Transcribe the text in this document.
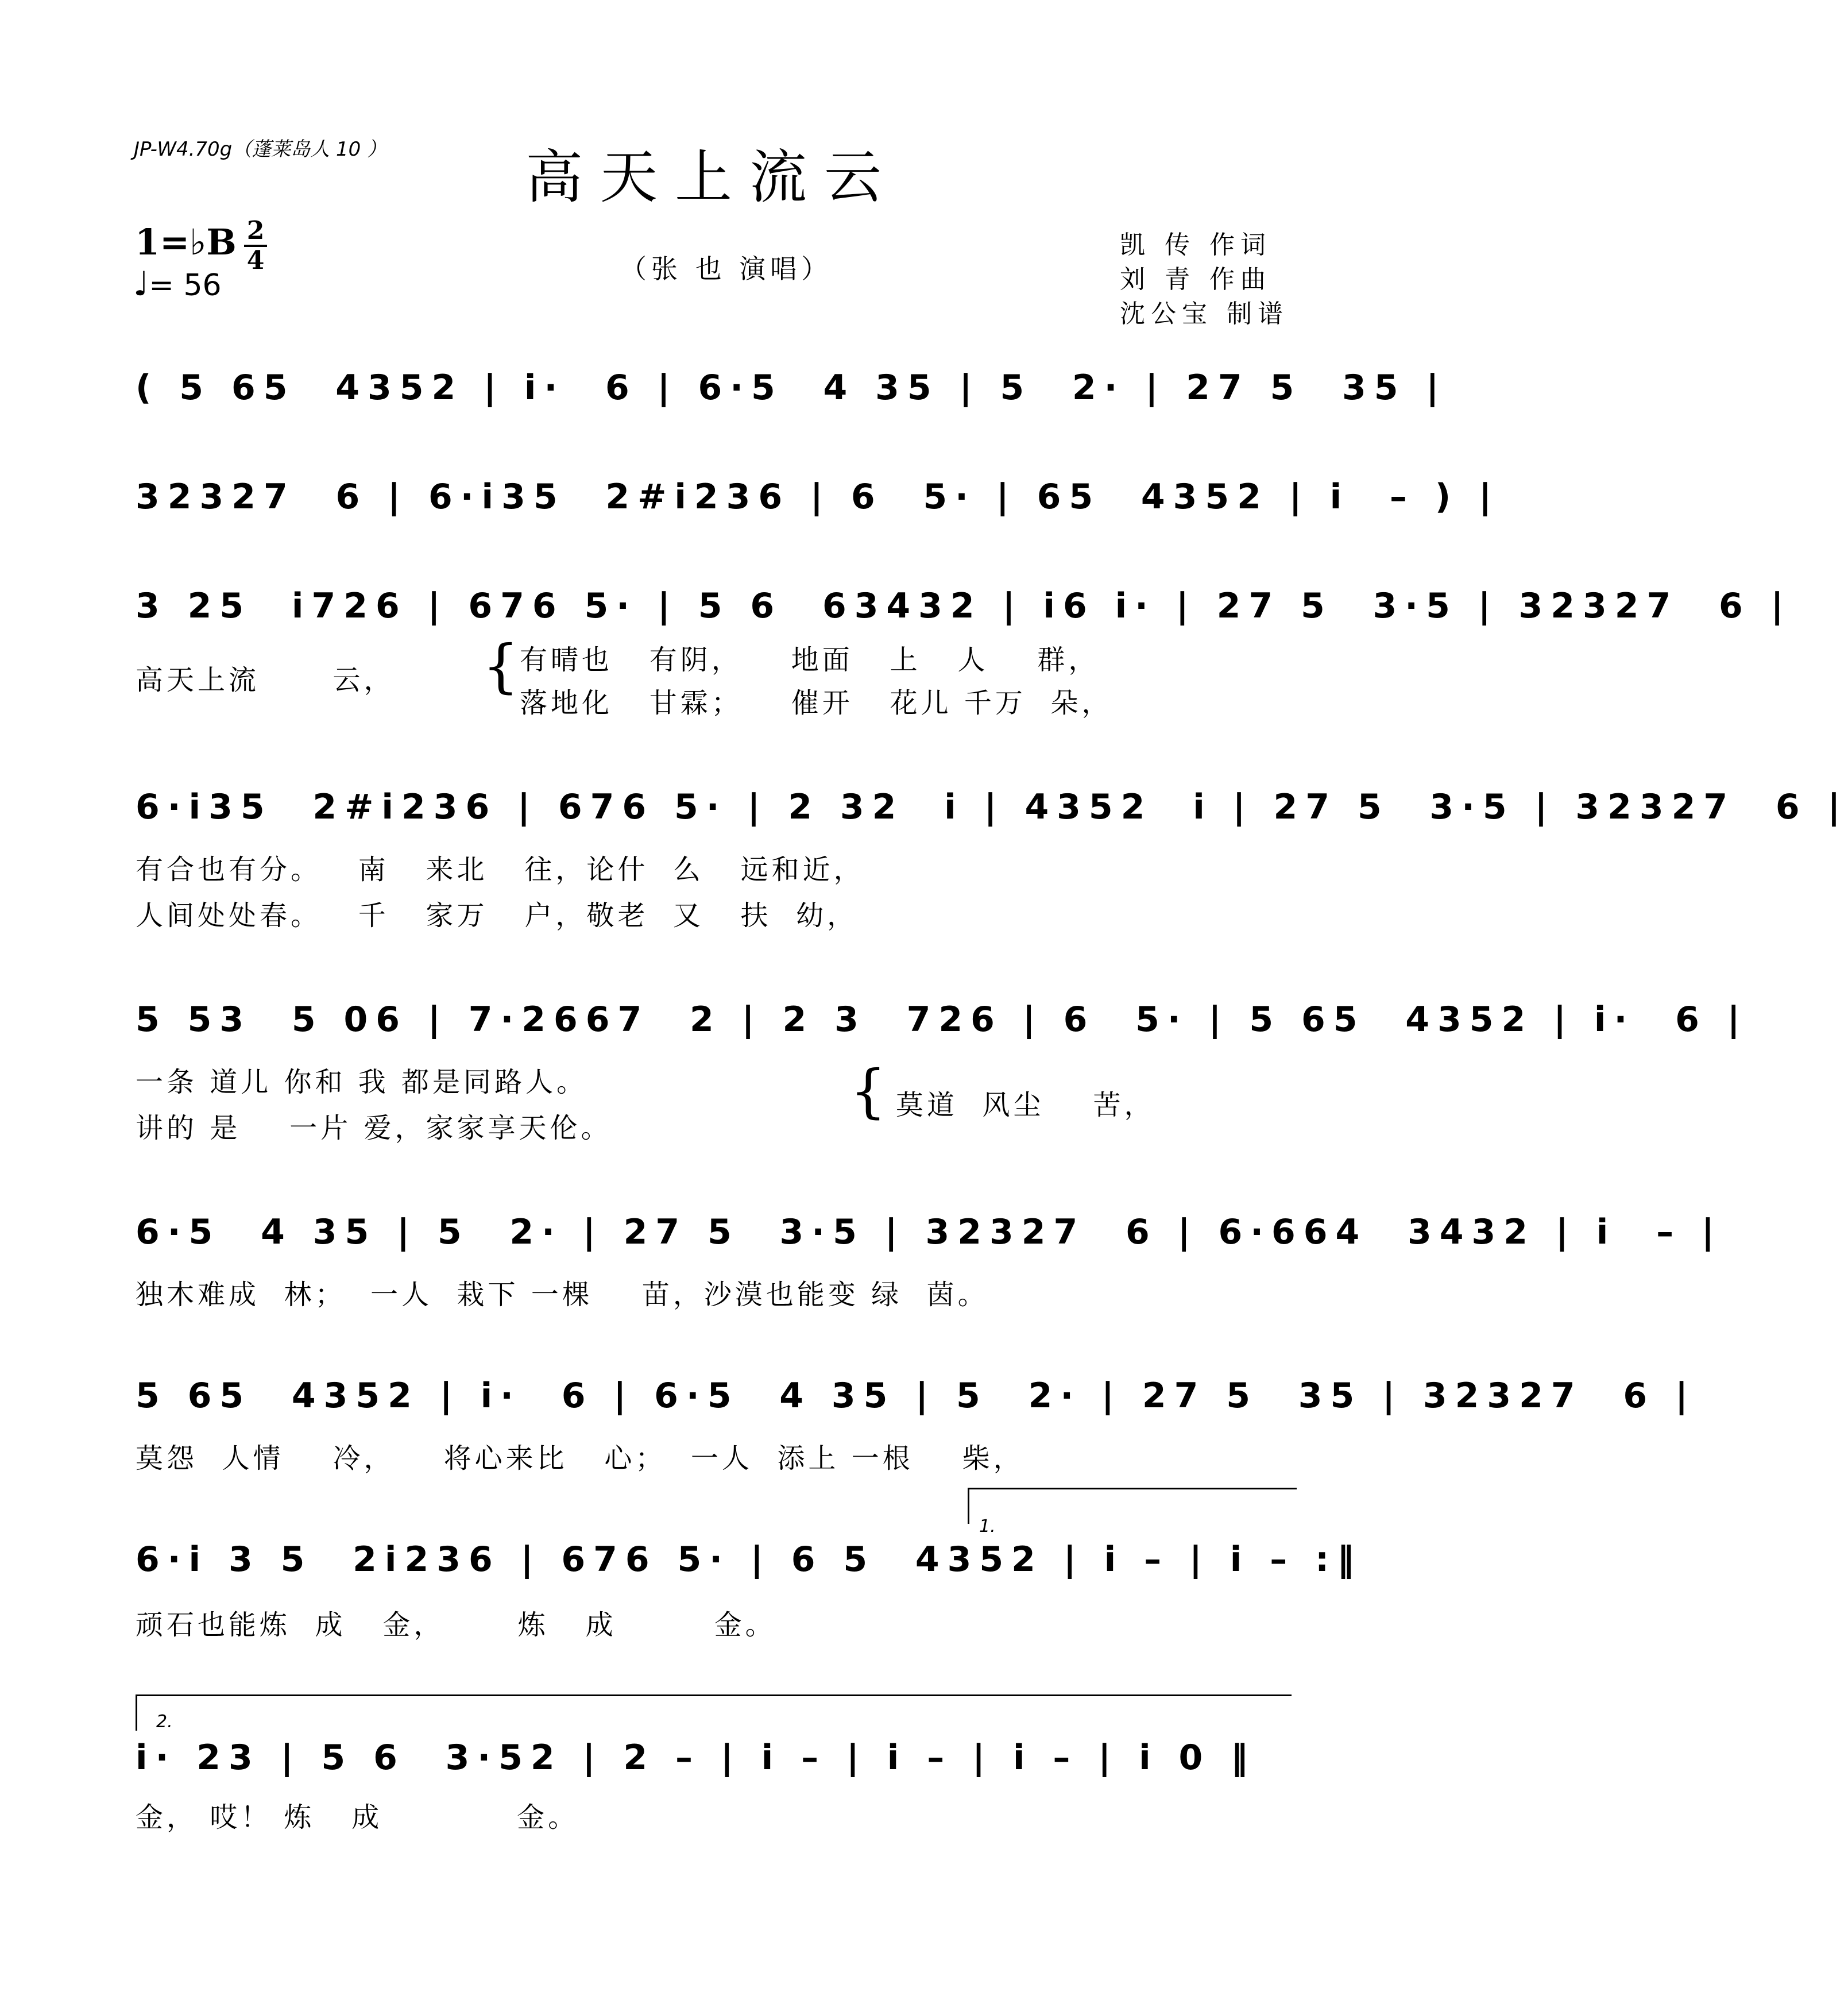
JP-W4.70g（蓬莱岛人 10 ）	高天上流云
（张 也 演唱）
凯 传 作词
刘 青 作曲
沈公宝 制谱
1=♭B 2
4
♩= 56
( 5 65  4352 | i·  6 | 6·5  4 35 | 5  2· | 27 5  35 |
32327  6 | 6·i35  2#i236 | 6  5· | 65  4352 | i  – ) |
3 25  i726 | 676 5· | 5 6  63432 | i6 i· | 27 5  3·5 | 32327  6 |
高天上流      云， { 有晴也   有阴，    地面   上   人    群，
落地化   甘霖；    催开   花儿 千万  朵，
6·i35  2#i236 | 676 5· | 2 32  i | 4352  i | 27 5  3·5 | 32327  6 |
有合也有分。   南   来北   往，论什  么   远和近，
人间处处春。   千   家万   户，敬老  又   扶  幼，
5 53  5 06 | 7·2667  2 | 2 3  726 | 6  5· | 5 65  4352 | i·  6 |
一条 道儿 你和 我 都是同路人。
讲的 是    一片 爱，家家享天伦。
{ 莫道  风尘    苦，
6·5  4 35 | 5  2· | 27 5  3·5 | 32327  6 | 6·664  3432 | i  – |
独木难成  林；  一人  栽下 一棵    苗，沙漠也能变 绿  茵。
5 65  4352 | i·  6 | 6·5  4 35 | 5  2· | 27 5  35 | 32327  6 |
莫怨  人情    冷，    将心来比   心；  一人  添上 一根    柴，
1.
6·i 3 5  2i236 | 676 5· | 6 5  4352 | i – | i – :‖
顽石也能炼  成   金，      炼   成        金。
2.
i· 23 | 5 6  3·52 | 2 – | i – | i – | i – | i 0 ‖
金， 哎！ 炼   成           金。
